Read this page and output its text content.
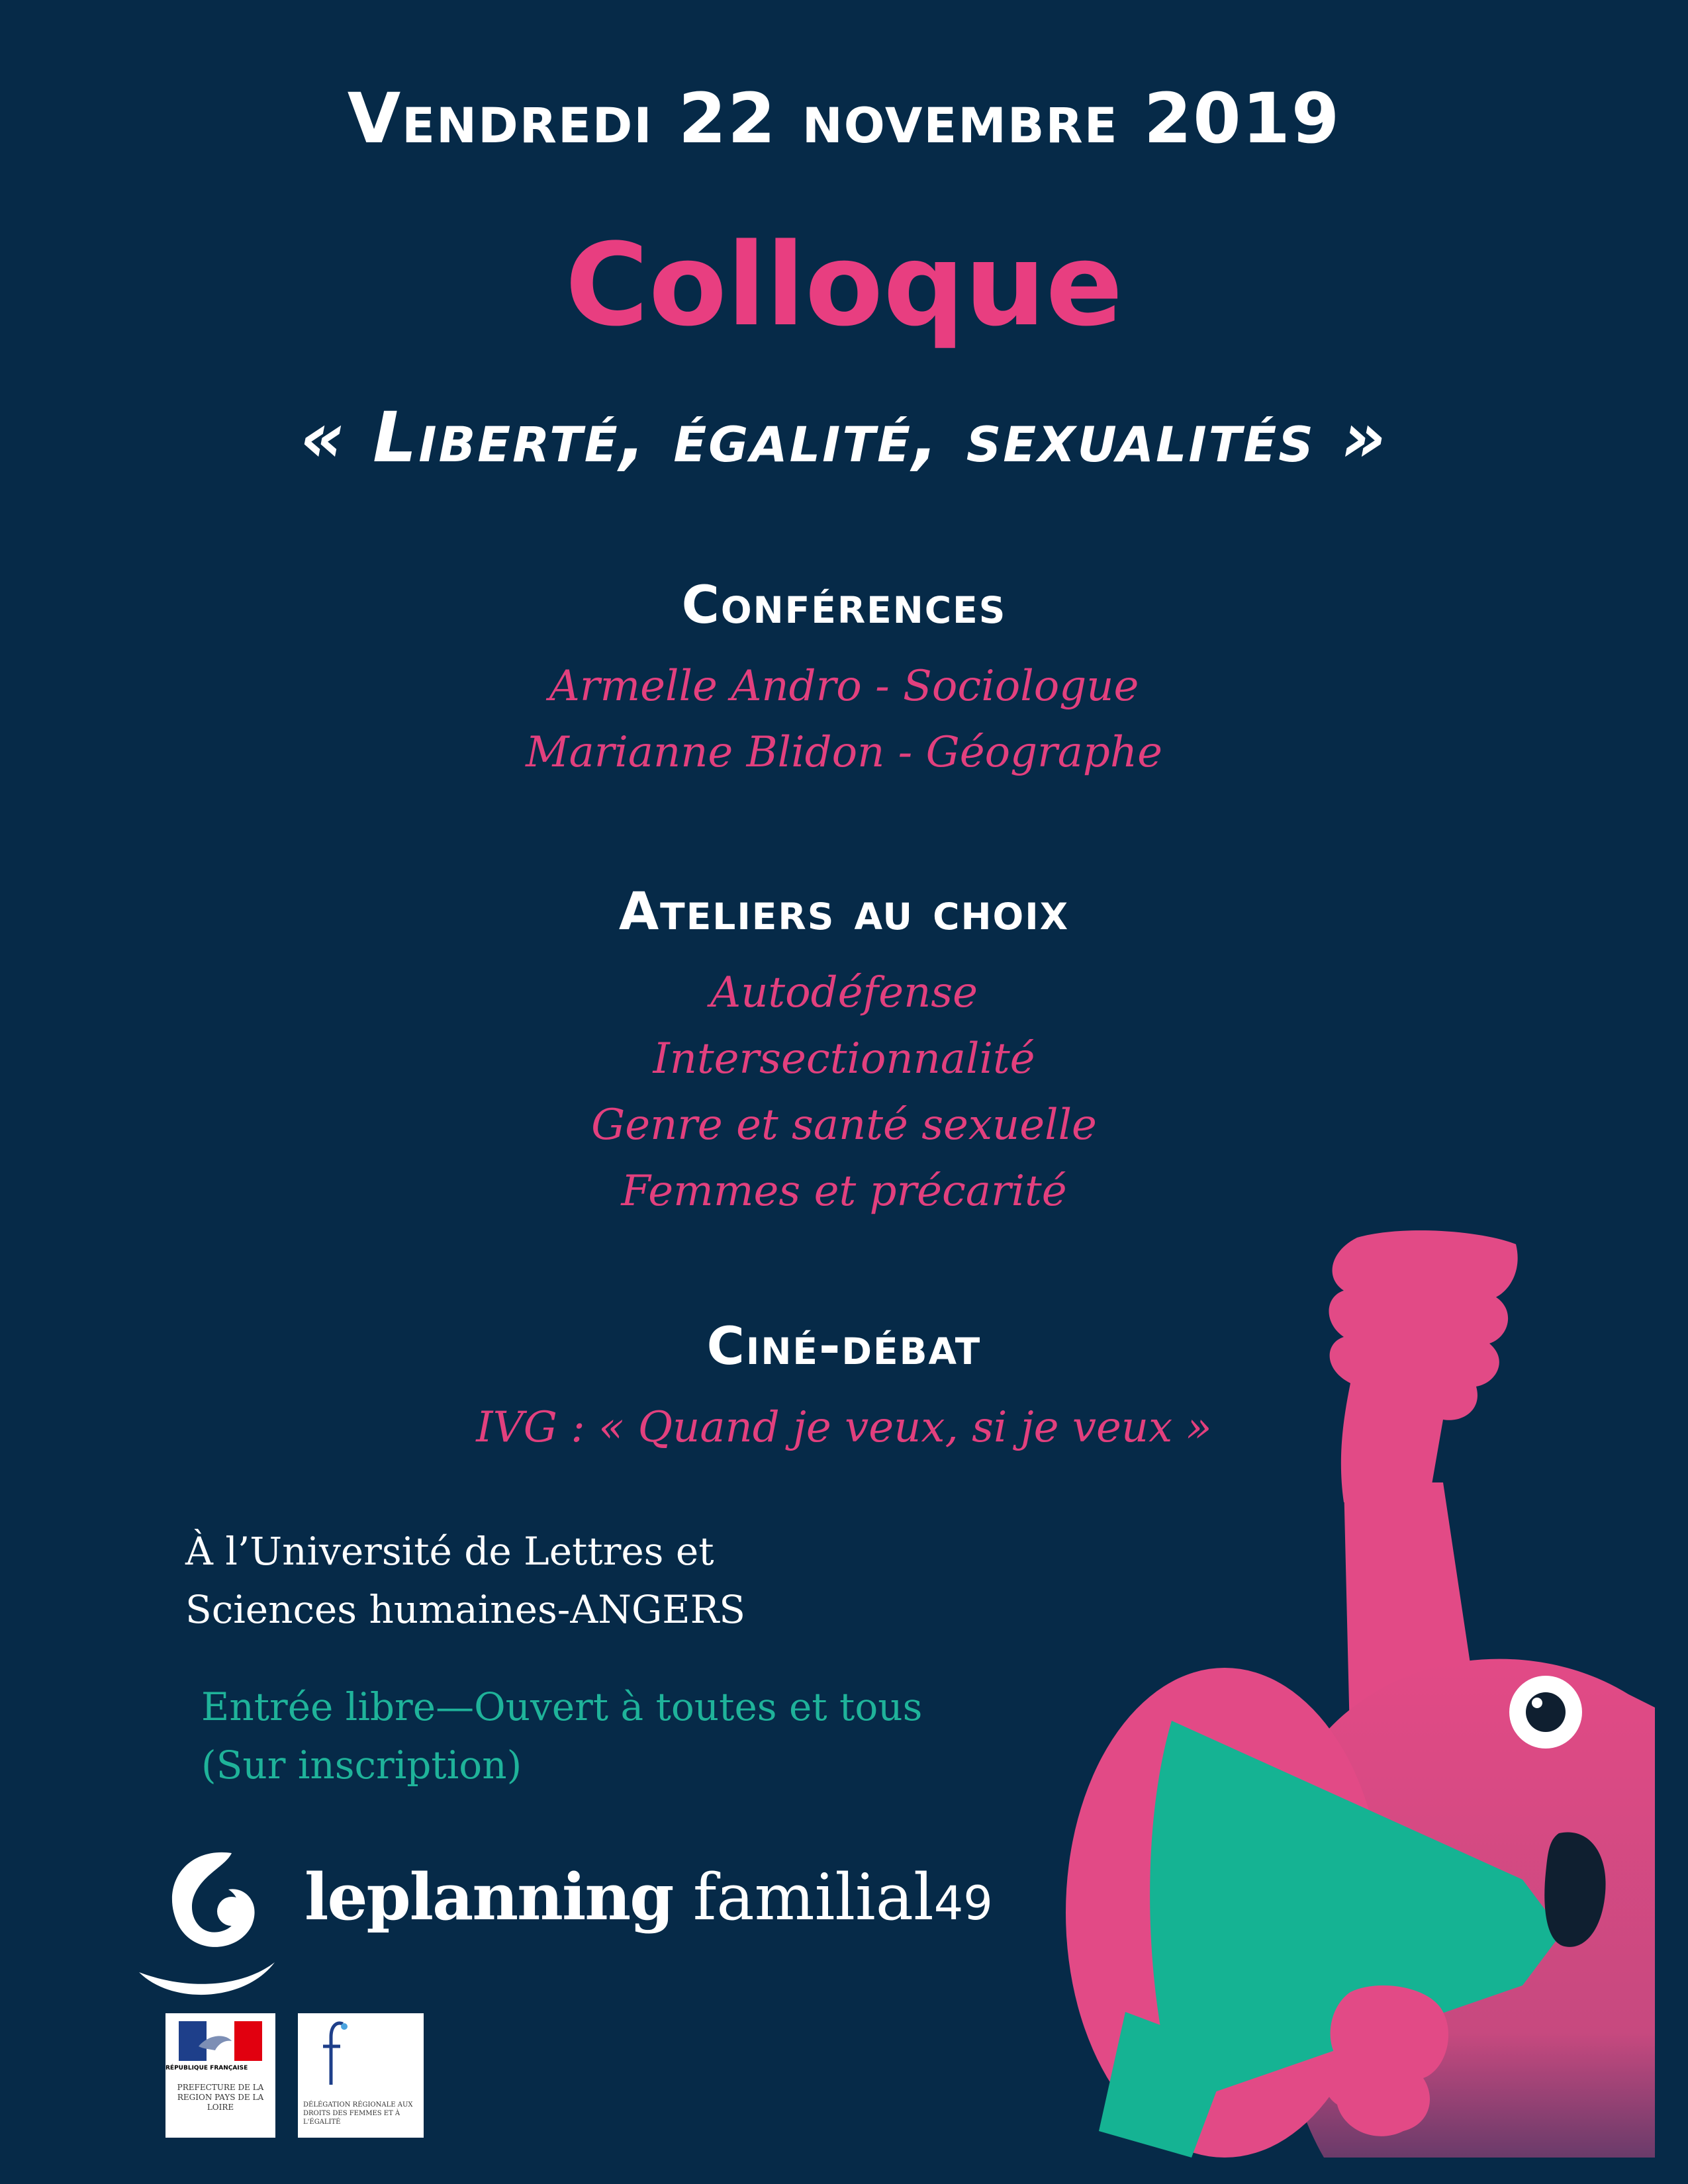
Vendredi 22 novembre 2019
Colloque
« Liberté, égalité, sexualités »
Conférences
Armelle Andro - Sociologue
Marianne Blidon - Géographe
Ateliers au choix
Autodéfense
Intersectionnalité
Genre et santé sexuelle
Femmes et précarité
Ciné-débat
IVG : « Quand je veux, si je veux »
À l’Université de Lettres et
Sciences humaines-ANGERS
Entrée libre—Ouvert à toutes et tous
(Sur inscription)
leplanning familial49
RÉPUBLIQUE FRANÇAISE
PREFECTURE DE LA REGION PAYS DE LA LOIRE	DÉLÉGATION RÉGIONALE AUX DROITS DES FEMMES ET À L'ÉGALITÉ
